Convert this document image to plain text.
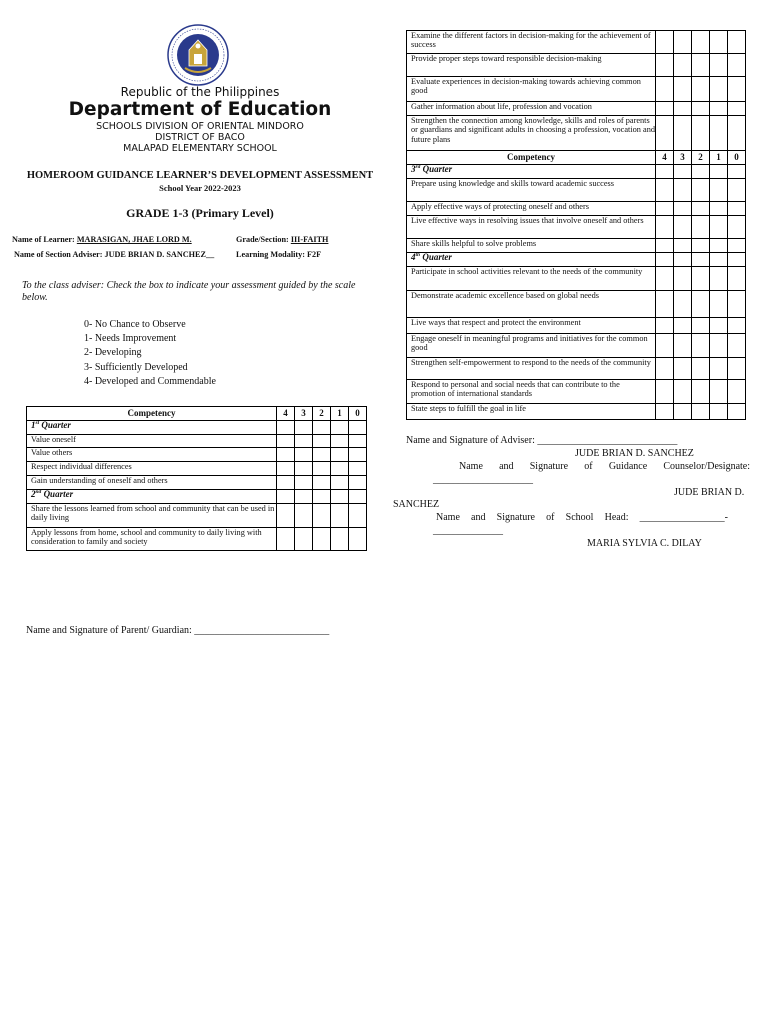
Republic of the Philippines
Department of Education
SCHOOLS DIVISION OF ORIENTAL MINDORO
DISTRICT OF BACO
MALAPAD ELEMENTARY SCHOOL
HOMEROOM GUIDANCE LEARNER’S DEVELOPMENT ASSESSMENT
School Year 2022-2023
GRADE 1-3 (Primary Level)
Name of Learner: MARASIGAN, JHAE LORD M.	Grade/Section: III-FAITH
Name of Section Adviser: JUDE BRIAN D. SANCHEZ__	Learning Modality: F2F
To the class adviser: Check the box to indicate your assessment guided by the scale below.
0- No Chance to Observe
1- Needs Improvement
2- Developing
3- Sufficiently Developed
4- Developed and Commendable
Competency	4	3	2	1	0
1st Quarter					
Value oneself					
Value others					
Respect individual differences					
Gain understanding of oneself and others					
2nd Quarter					
Share the lessons learned from school and community that can be used in daily living					
Apply lessons from home, school and community to daily living with consideration to family and society					
Name and Signature of Parent/ Guardian: ___________________________
Examine the different factors in decision-making for the achievement of success					
Provide proper steps toward responsible decision-making					
Evaluate experiences in decision-making towards achieving common good					
Gather information about life, profession and vocation					
Strengthen the connection among knowledge, skills and roles of parents or guardians and significant adults in choosing a profession, vocation and future plans					
Competency	4	3	2	1	0
3rd Quarter					
Prepare using knowledge and skills toward academic success					
Apply effective ways of protecting oneself and others					
Live effective ways in resolving issues that involve oneself and others					
Share skills helpful to solve problems					
4th Quarter					
Participate in school activities relevant to the needs of the community					
Demonstrate academic excellence based on global needs					
Live ways that respect and protect the environment					
Engage oneself in meaningful programs and initiatives for the common good					
Strengthen self-empowerment to respond to the needs of the community					
Respond to personal and social needs that can contribute to the promotion of international standards					
State steps to fulfill the goal in life					
Name and Signature of Adviser: ____________________________
JUDE BRIAN D. SANCHEZ
Name and Signature of Guidance Counselor/Designate:
____________________
JUDE BRIAN D.
SANCHEZ
Name and Signature of School Head: _________________-
______________
MARIA SYLVIA C. DILAY
